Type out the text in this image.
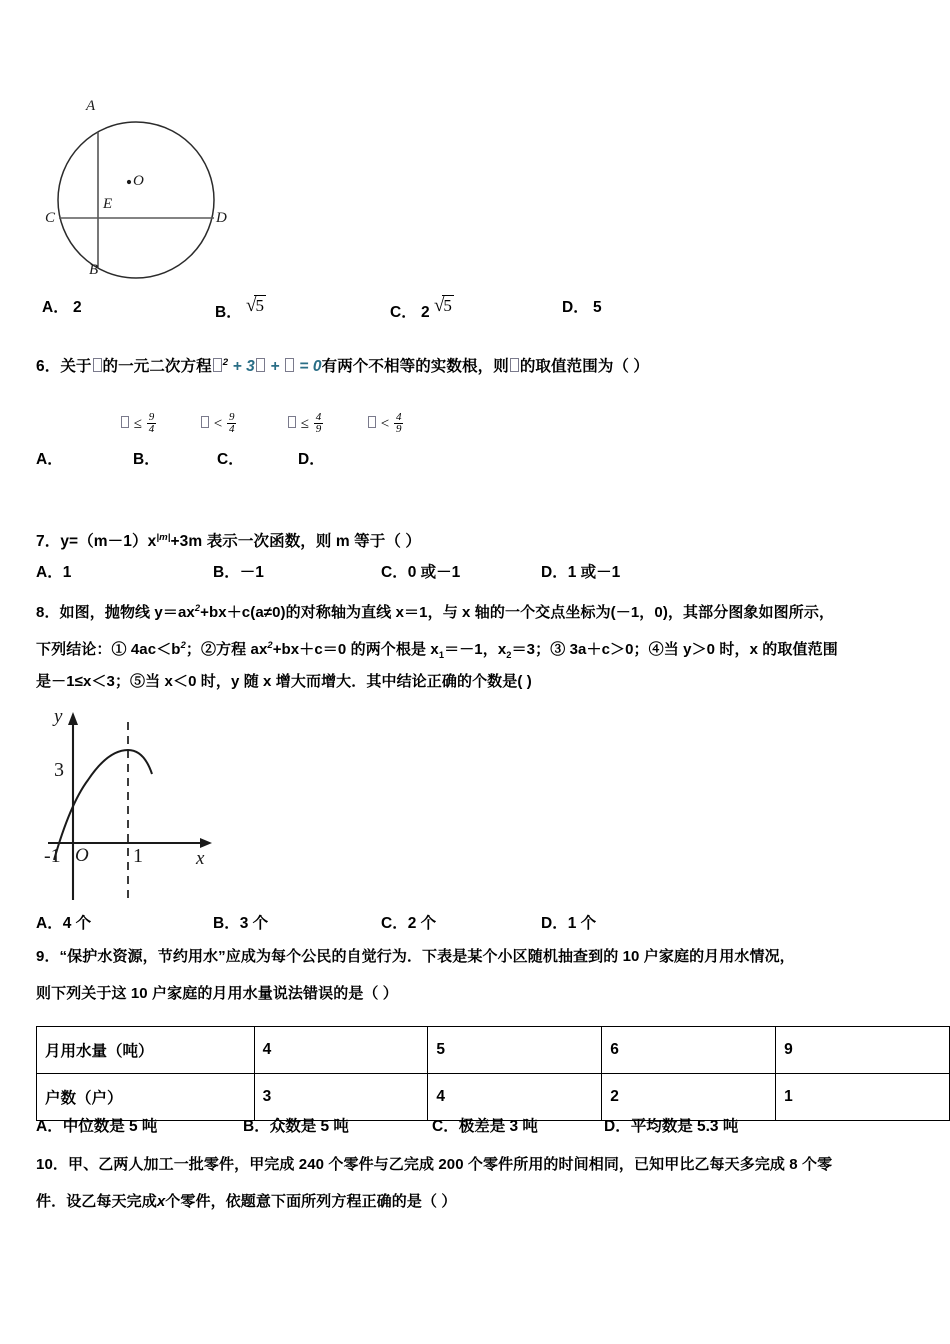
A
B
C	D
E
O
A． 2	B． √5	C． 2 √5	D． 5
6．关于 的一元二次方程 $^2$ + 3 + = 0有两个不相等的实数根，则 的取值范围为（ ）
≤ $\frac{9}{4}$	< $\frac{9}{4}$	≤ $\frac{4}{9}$	< $\frac{4}{9}$
A．	B．	C．	D．
7．$y=(m-1)x^{|m|}+3m$ 表示一次函数，则 m 等于（ ）
A．1	B．－1	C．0 或－1	D．1 或－1
8．如图，抛物线 $y=ax^2+bx+c(a\ne 0)$的对称轴为直线 x＝1，与 x 轴的一个交点坐标为(－1，0)，其部分图象如图所示，
下列结论：① $4ac<b^2$；②方程 $ax^2+bx+c=0$ 的两个根是 $x_1=-1$，$x_2=3$；③ 3a＋c＞0；④当 y＞0 时，x 的取值范围
是－1≤x＜3；⑤当 x＜0 时，y 随 x 增大而增大．其中结论正确的个数是( )
y
x
O
3
-1	1
A．4 个	B．3 个	C．2 个	D．1 个
9．“保护水资源，节约用水”应成为每个公民的自觉行为．下表是某个小区随机抽查到的 10 户家庭的月用水情况，
则下列关于这 10 户家庭的月用水量说法错误的是（ ）
月用水量（吨）	4	5	6	9
户数（户）	3	4	2	1
A．中位数是 5 吨	B．众数是 5 吨	C．极差是 3 吨	D．平均数是 5.3 吨
10．甲、乙两人加工一批零件，甲完成 240 个零件与乙完成 200 个零件所用的时间相同，已知甲比乙每天多完成 8 个零
件．设乙每天完成x个零件，依题意下面所列方程正确的是（ ）
